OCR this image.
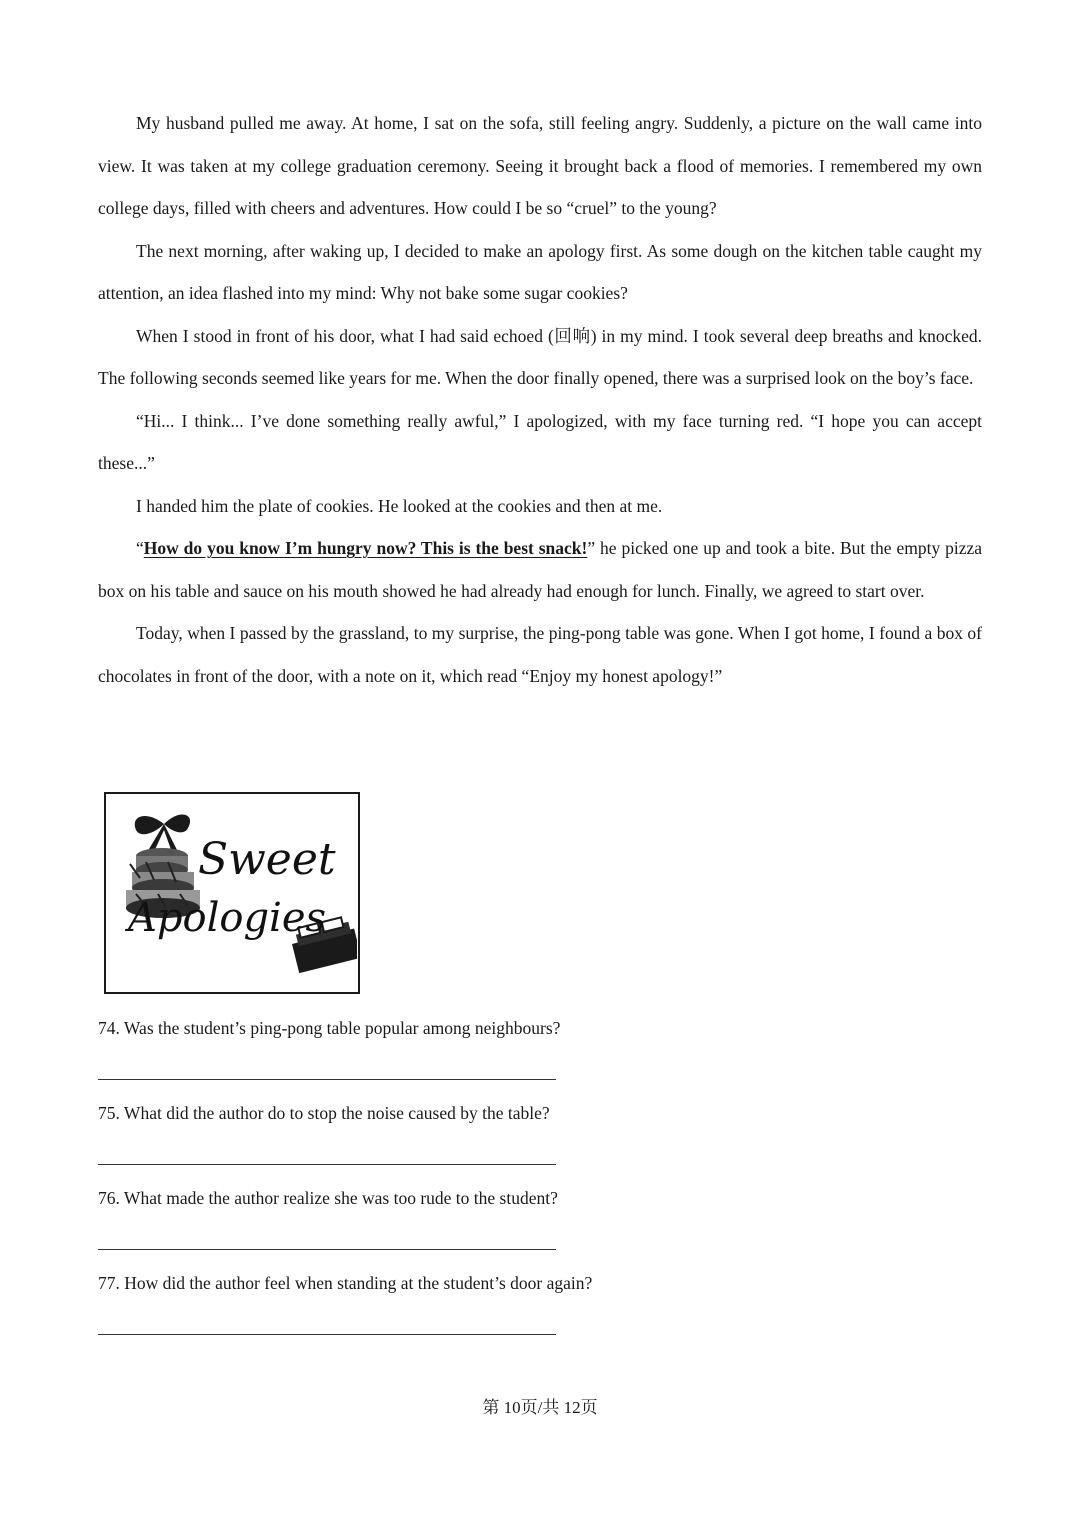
My husband pulled me away. At home, I sat on the sofa, still feeling angry. Suddenly, a picture on the wall came into view. It was taken at my college graduation ceremony. Seeing it brought back a flood of memories. I remembered my own college days, filled with cheers and adventures. How could I be so “cruel” to the young?

The next morning, after waking up, I decided to make an apology first. As some dough on the kitchen table caught my attention, an idea flashed into my mind: Why not bake some sugar cookies?

When I stood in front of his door, what I had said echoed (回响) in my mind. I took several deep breaths and knocked. The following seconds seemed like years for me. When the door finally opened, there was a surprised look on the boy’s face.

“Hi... I think... I’ve done something really awful,” I apologized, with my face turning red. “I hope you can accept these...”

I handed him the plate of cookies. He looked at the cookies and then at me.

“How do you know I’m hungry now? This is the best snack!” he picked one up and took a bite. But the empty pizza box on his table and sauce on his mouth showed he had already had enough for lunch. Finally, we agreed to start over.

Today, when I passed by the grassland, to my surprise, the ping-pong table was gone. When I got home, I found a box of chocolates in front of the door, with a note on it, which read “Enjoy my honest apology!”

Sweet
Apologies

74. Was the student’s ping-pong table popular among neighbours?

75. What did the author do to stop the noise caused by the table?

76. What made the author realize she was too rude to the student?

77. How did the author feel when standing at the student’s door again?

第 10页/共 12页
